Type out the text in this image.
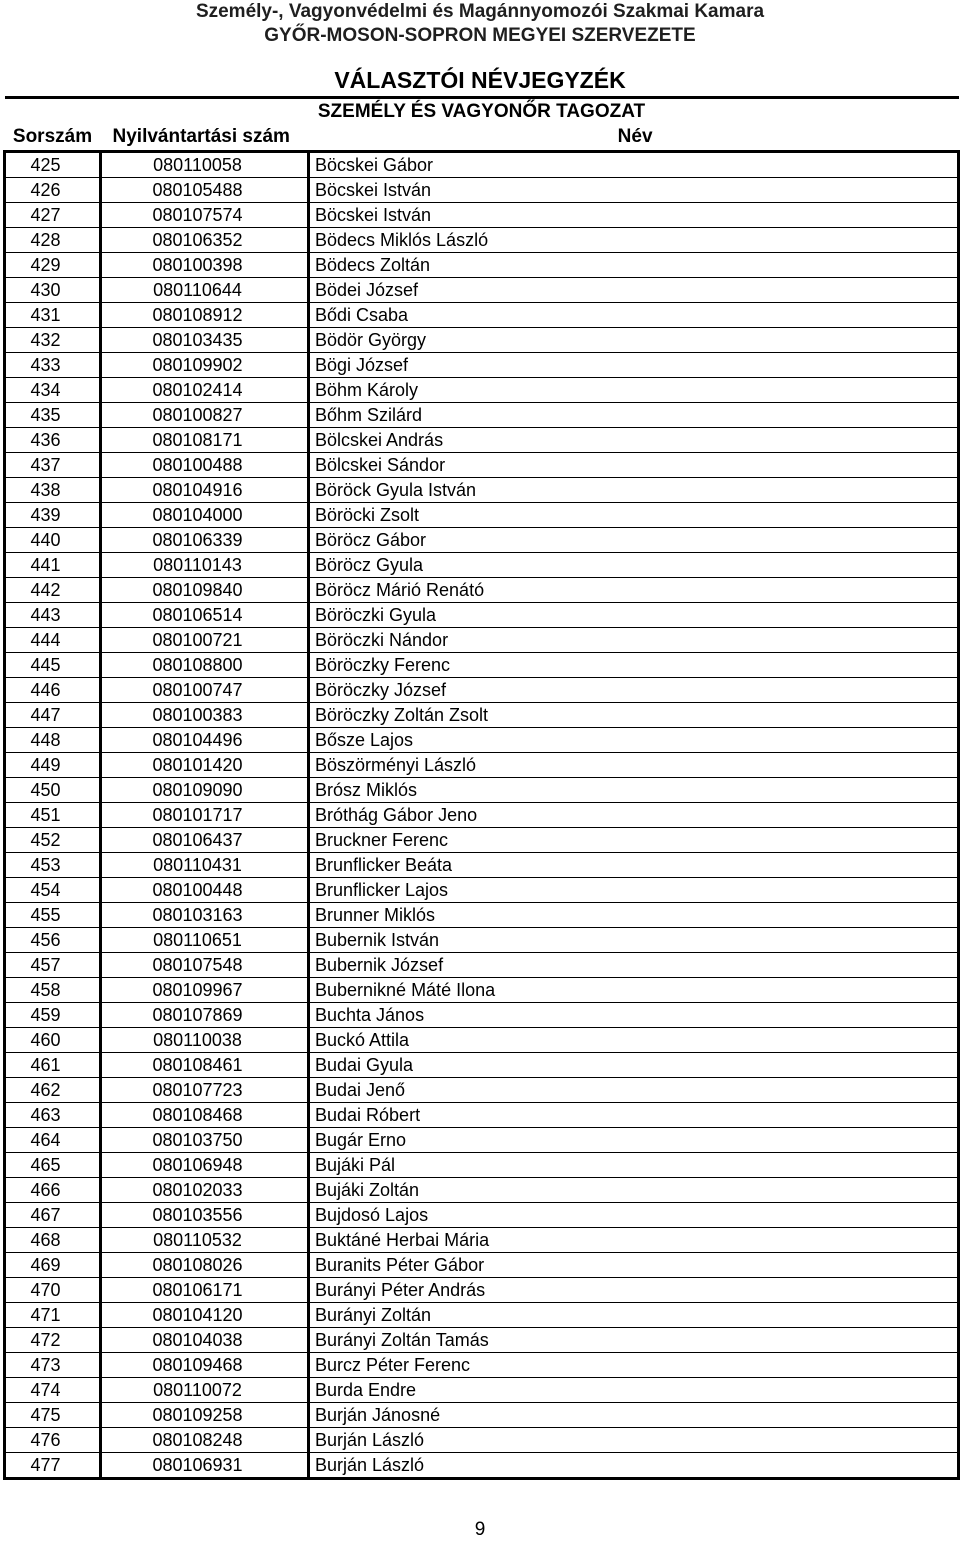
Személy-, Vagyonvédelmi és Magánnyomozói Szakmai Kamara
GYŐR-MOSON-SOPRON MEGYEI SZERVEZETE
VÁLASZTÓI NÉVJEGYZÉK
SZEMÉLY ÉS VAGYONŐR TAGOZAT		
Sorszám	Nyilvántartási szám	Név
425	080110058	Böcskei Gábor
426	080105488	Böcskei István
427	080107574	Böcskei István
428	080106352	Bödecs Miklós László
429	080100398	Bödecs Zoltán
430	080110644	Bödei József
431	080108912	Bődi Csaba
432	080103435	Bödör György
433	080109902	Bögi József
434	080102414	Böhm Károly
435	080100827	Bőhm Szilárd
436	080108171	Bölcskei András
437	080100488	Bölcskei Sándor
438	080104916	Böröck Gyula István
439	080104000	Böröcki Zsolt
440	080106339	Böröcz Gábor
441	080110143	Böröcz Gyula
442	080109840	Böröcz Márió Renátó
443	080106514	Böröczki Gyula
444	080100721	Böröczki Nándor
445	080108800	Böröczky Ferenc
446	080100747	Böröczky József
447	080100383	Böröczky Zoltán Zsolt
448	080104496	Bősze Lajos
449	080101420	Böszörményi László
450	080109090	Brósz Miklós
451	080101717	Bróthág Gábor Jeno
452	080106437	Bruckner Ferenc
453	080110431	Brunflicker Beáta
454	080100448	Brunflicker Lajos
455	080103163	Brunner Miklós
456	080110651	Bubernik István
457	080107548	Bubernik József
458	080109967	Bubernikné Máté Ilona
459	080107869	Buchta János
460	080110038	Buckó Attila
461	080108461	Budai Gyula
462	080107723	Budai Jenő
463	080108468	Budai Róbert
464	080103750	Bugár Erno
465	080106948	Bujáki Pál
466	080102033	Bujáki Zoltán
467	080103556	Bujdosó Lajos
468	080110532	Buktáné Herbai Mária
469	080108026	Buranits Péter Gábor
470	080106171	Burányi Péter András
471	080104120	Burányi Zoltán
472	080104038	Burányi Zoltán Tamás
473	080109468	Burcz Péter Ferenc
474	080110072	Burda Endre
475	080109258	Burján Jánosné
476	080108248	Burján László
477	080106931	Burján László
9
